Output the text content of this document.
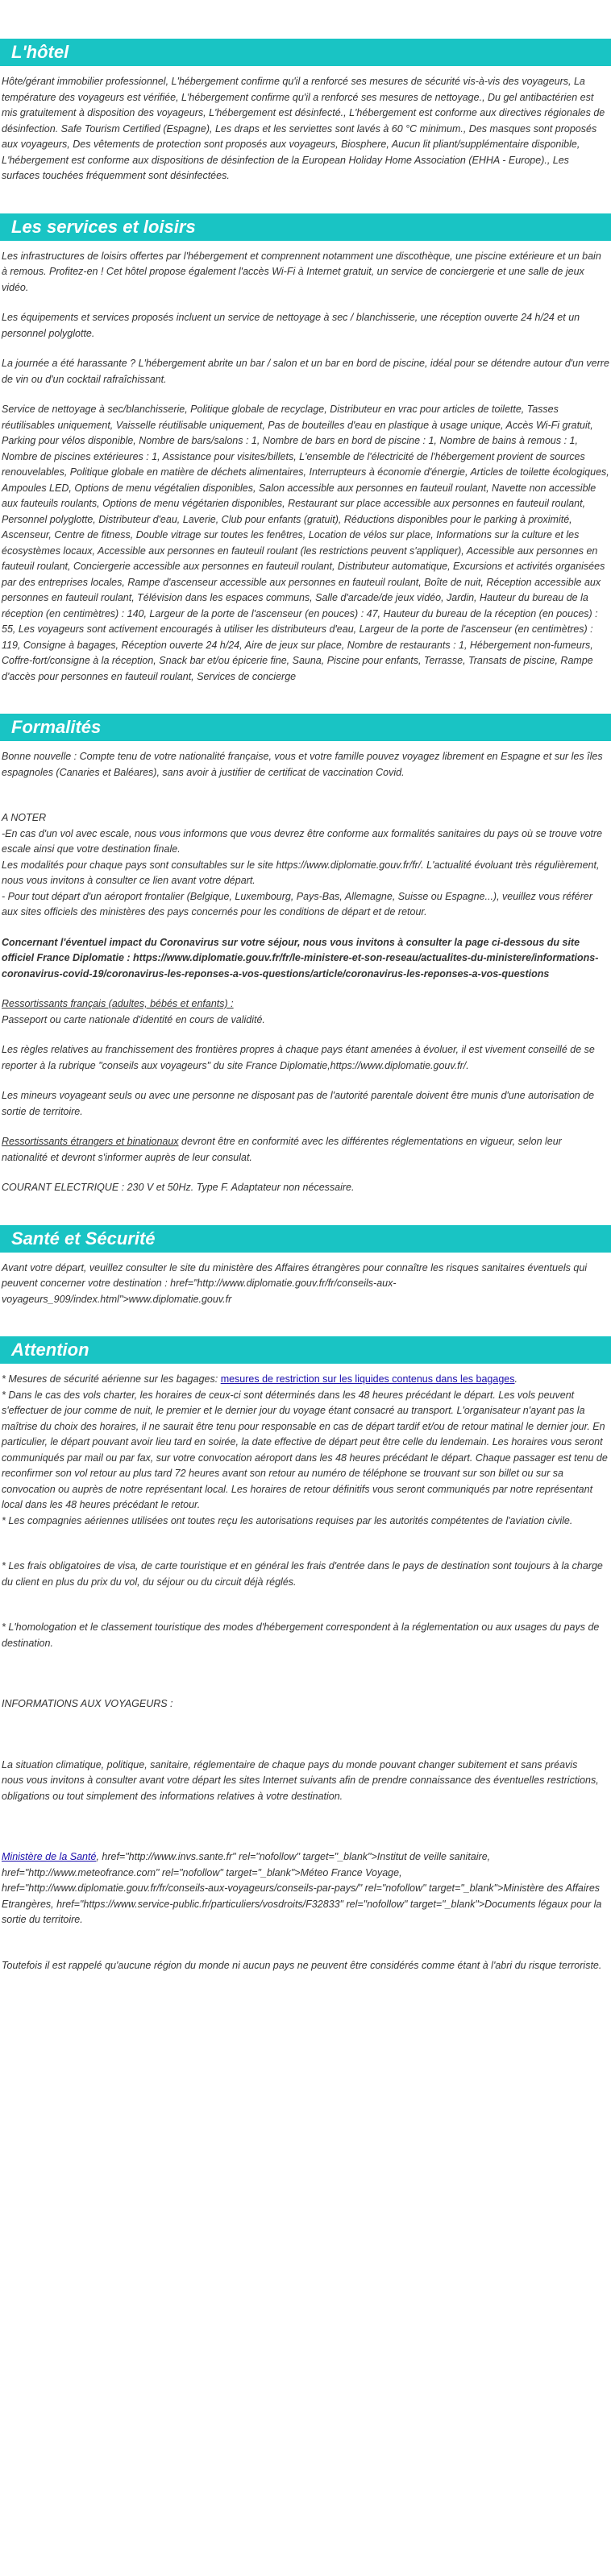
L'hôtel
Hôte/gérant immobilier professionnel, L'hébergement confirme qu'il a renforcé ses mesures de sécurité vis-à-vis des voyageurs, La température des voyageurs est vérifiée, L'hébergement confirme qu'il a renforcé ses mesures de nettoyage., Du gel antibactérien est mis gratuitement à disposition des voyageurs, L'hébergement est désinfecté., L'hébergement est conforme aux directives régionales de désinfection. Safe Tourism Certified (Espagne), Les draps et les serviettes sont lavés à 60 °C minimum., Des masques sont proposés aux voyageurs, Des vêtements de protection sont proposés aux voyageurs, Biosphere, Aucun lit pliant/supplémentaire disponible, L'hébergement est conforme aux dispositions de désinfection de la European Holiday Home Association (EHHA - Europe)., Les surfaces touchées fréquemment sont désinfectées.
Les services et loisirs
Les infrastructures de loisirs offertes par l'hébergement et comprennent notamment une discothèque, une piscine extérieure et un bain à remous. Profitez-en ! Cet hôtel propose également l'accès Wi-Fi à Internet gratuit, un service de conciergerie et une salle de jeux vidéo.
Les équipements et services proposés incluent un service de nettoyage à sec / blanchisserie, une réception ouverte 24 h/24 et un personnel polyglotte.
La journée a été harassante ? L'hébergement abrite un bar / salon et un bar en bord de piscine, idéal pour se détendre autour d'un verre de vin ou d'un cocktail rafraîchissant.
Service de nettoyage à sec/blanchisserie, Politique globale de recyclage, Distributeur en vrac pour articles de toilette, Tasses réutilisables uniquement, Vaisselle réutilisable uniquement, Pas de bouteilles d'eau en plastique à usage unique, Accès Wi-Fi gratuit, Parking pour vélos disponible, Nombre de bars/salons : 1, Nombre de bars en bord de piscine : 1, Nombre de bains à remous : 1, Nombre de piscines extérieures : 1, Assistance pour visites/billets, L'ensemble de l'électricité de l'hébergement provient de sources renouvelables, Politique globale en matière de déchets alimentaires, Interrupteurs à économie d'énergie, Articles de toilette écologiques, Ampoules LED, Options de menu végétalien disponibles, Salon accessible aux personnes en fauteuil roulant, Navette non accessible aux fauteuils roulants, Options de menu végétarien disponibles, Restaurant sur place accessible aux personnes en fauteuil roulant, Personnel polyglotte, Distributeur d'eau, Laverie, Club pour enfants (gratuit), Réductions disponibles pour le parking à proximité, Ascenseur, Centre de fitness, Double vitrage sur toutes les fenêtres, Location de vélos sur place, Informations sur la culture et les écosystèmes locaux, Accessible aux personnes en fauteuil roulant (les restrictions peuvent s'appliquer), Accessible aux personnes en fauteuil roulant, Conciergerie accessible aux personnes en fauteuil roulant, Distributeur automatique, Excursions et activités organisées par des entreprises locales, Rampe d'ascenseur accessible aux personnes en fauteuil roulant, Boîte de nuit, Réception accessible aux personnes en fauteuil roulant, Télévision dans les espaces communs, Salle d'arcade/de jeux vidéo, Jardin, Hauteur du bureau de la réception (en centimètres) : 140, Largeur de la porte de l'ascenseur (en pouces) : 47, Hauteur du bureau de la réception (en pouces) : 55, Les voyageurs sont activement encouragés à utiliser les distributeurs d'eau, Largeur de la porte de l'ascenseur (en centimètres) : 119, Consigne à bagages, Réception ouverte 24 h/24, Aire de jeux sur place, Nombre de restaurants : 1, Hébergement non-fumeurs, Coffre-fort/consigne à la réception, Snack bar et/ou épicerie fine, Sauna, Piscine pour enfants, Terrasse, Transats de piscine, Rampe d'accès pour personnes en fauteuil roulant, Services de concierge
Formalités
Bonne nouvelle : Compte tenu de votre nationalité française, vous et votre famille pouvez voyagez librement en Espagne et sur les îles espagnoles (Canaries et Baléares), sans avoir à justifier de certificat de vaccination Covid.

A NOTER

-En cas d'un vol avec escale, nous vous informons que vous devrez être conforme aux formalités sanitaires du pays où se trouve votre escale ainsi que votre destination finale.

Les modalités pour chaque pays sont consultables sur le site https://www.diplomatie.gouv.fr/fr/. L'actualité évoluant très régulièrement, nous vous invitons à consulter ce lien avant votre départ.

- Pour tout départ d'un aéroport frontalier (Belgique, Luxembourg, Pays-Bas, Allemagne, Suisse ou Espagne...), veuillez vous référer aux sites officiels des ministères des pays concernés pour les conditions de départ et de retour.

Concernant l'éventuel impact du Coronavirus sur votre séjour, nous vous invitons à consulter la page ci-dessous du site officiel France Diplomatie : https://www.diplomatie.gouv.fr/fr/le-ministere-et-son-reseau/actualites-du-ministere/informations-coronavirus-covid-19/coronavirus-les-reponses-a-vos-questions/article/coronavirus-les-reponses-a-vos-questions

Ressortissants français (adultes, bébés et enfants) :

Passeport ou carte nationale d'identité en cours de validité.

Les règles relatives au franchissement des frontières propres à chaque pays étant amenées à évoluer, il est vivement conseillé de se reporter à la rubrique "conseils aux voyageurs" du site France Diplomatie,https://www.diplomatie.gouv.fr/.
Les mineurs voyageant seuls ou avec une personne ne disposant pas de l'autorité parentale doivent être munis d'une autorisation de sortie de territoire.
Ressortissants étrangers et binationaux devront être en conformité avec les différentes réglementations en vigueur, selon leur nationalité et devront s'informer auprès de leur consulat.
COURANT ELECTRIQUE : 230 V et 50Hz. Type F. Adaptateur non nécessaire.
Santé et Sécurité
Avant votre départ, veuillez consulter le site du ministère des Affaires étrangères pour connaître les risques sanitaires éventuels qui peuvent concerner votre destination : href="http://www.diplomatie.gouv.fr/fr/conseils-aux-voyageurs_909/index.html">www.diplomatie.gouv.fr
Attention

* Mesures de sécurité aérienne sur les bagages: mesures de restriction sur les liquides contenus dans les bagages.

* Dans le cas des vols charter, les horaires de ceux-ci sont déterminés dans les 48 heures précédant le départ. Les vols peuvent s'effectuer de jour comme de nuit, le premier et le dernier jour du voyage étant consacré au transport. L'organisateur n'ayant pas la maîtrise du choix des horaires, il ne saurait être tenu pour responsable en cas de départ tardif et/ou de retour matinal le dernier jour. En particulier, le départ pouvant avoir lieu tard en soirée, la date effective de départ peut être celle du lendemain. Les horaires vous seront communiqués par mail ou par fax, sur votre convocation aéroport dans les 48 heures précédant le départ. Chaque passager est tenu de reconfirmer son vol retour au plus tard 72 heures avant son retour au numéro de téléphone se trouvant sur son billet ou sur sa convocation ou auprès de notre représentant local. Les horaires de retour définitifs vous seront communiqués par notre représentant local dans les 48 heures précédant le retour.

* Les compagnies aériennes utilisées ont toutes reçu les autorisations requises par les autorités compétentes de l'aviation civile.

* Les frais obligatoires de visa, de carte touristique et en général les frais d'entrée dans le pays de destination sont toujours à la charge du client en plus du prix du vol, du séjour ou du circuit déjà réglés.
* L'homologation et le classement touristique des modes d'hébergement correspondent à la réglementation ou aux usages du pays de destination.
INFORMATIONS AUX VOYAGEURS :

La situation climatique, politique, sanitaire, réglementaire de chaque pays du monde pouvant changer subitement et sans préavis

nous vous invitons à consulter avant votre départ les sites Internet suivants afin de prendre connaissance des éventuelles restrictions, obligations ou tout simplement des informations relatives à votre destination.

Ministère de la Santé, href="http://www.invs.sante.fr" rel="nofollow" target="_blank">Institut de veille sanitaire, href="http://www.meteofrance.com" rel="nofollow" target="_blank">Méteo France Voyage, href="http://www.diplomatie.gouv.fr/fr/conseils-aux-voyageurs/conseils-par-pays/" rel="nofollow" target="_blank">Ministère des Affaires Etrangères, href="https://www.service-public.fr/particuliers/vosdroits/F32833" rel="nofollow" target="_blank">Documents légaux pour la sortie du territoire.
Toutefois il est rappelé qu'aucune région du monde ni aucun pays ne peuvent être considérés comme étant à l'abri du risque terroriste.
